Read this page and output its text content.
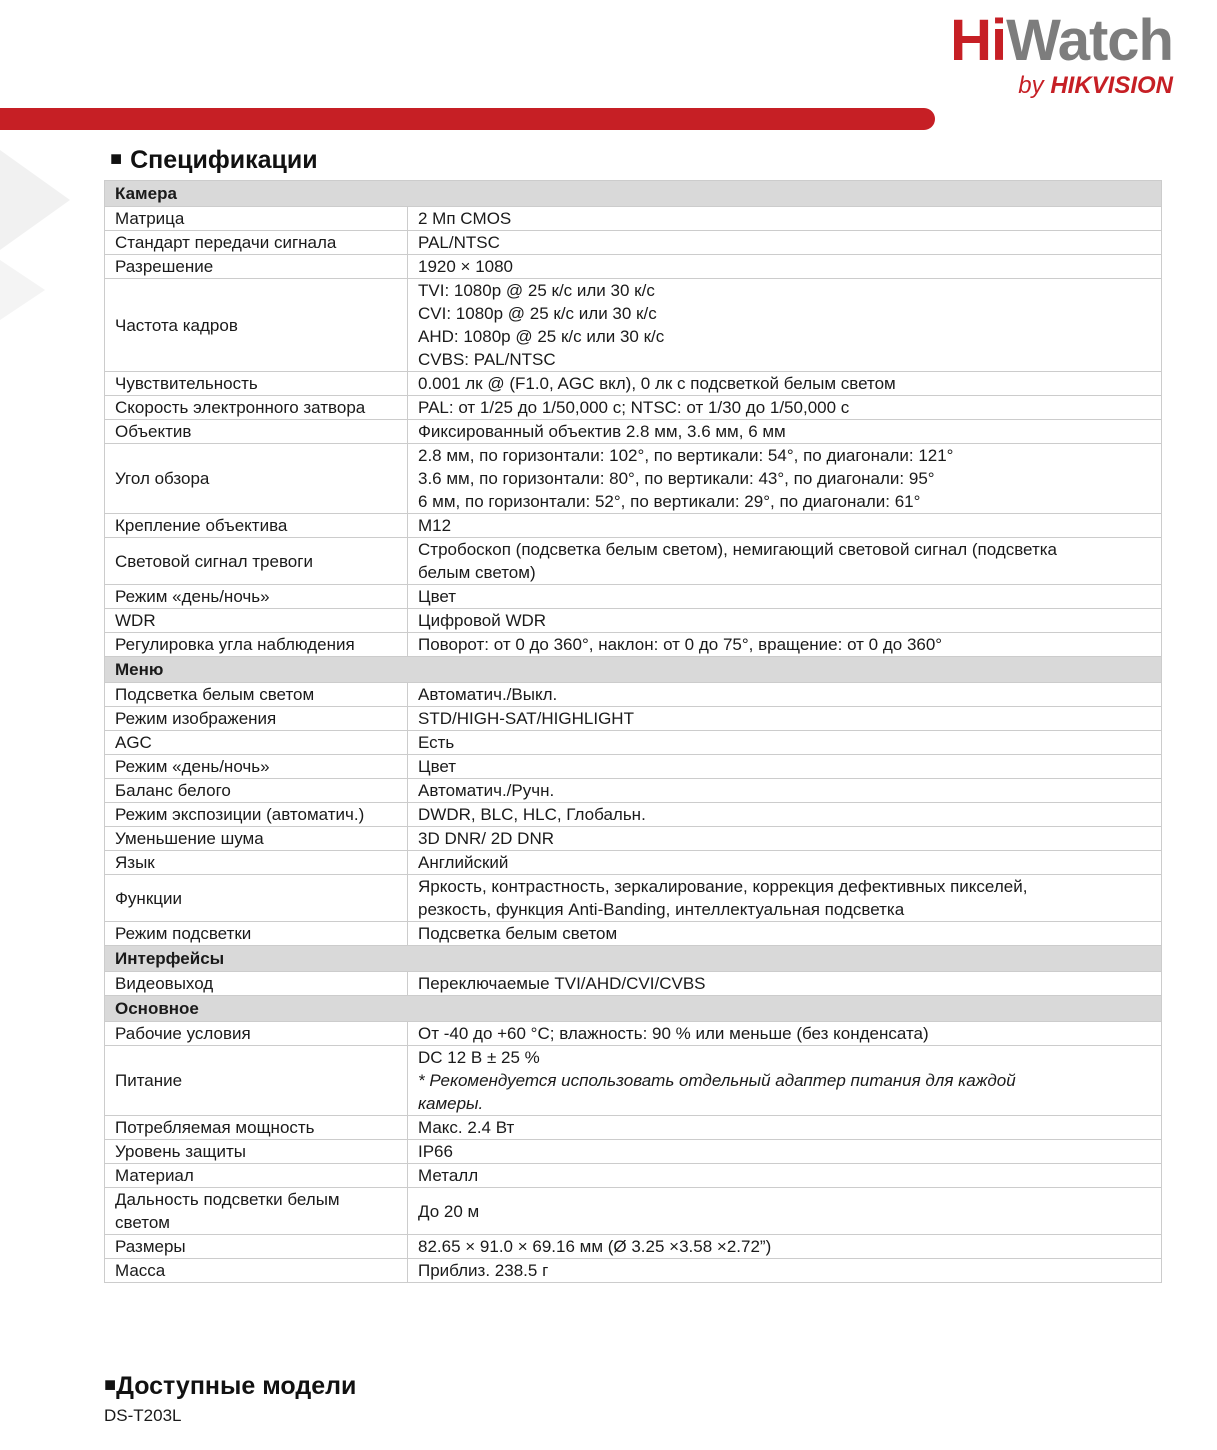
HiWatch
by HIKVISION
■ Спецификации
Камера	
Матрица	2 Мп CMOS

Стандарт передачи сигнала	PAL/NTSC

Разрешение	1920 × 1080

Частота кадров	TVI: 1080p @ 25 к/с или 30 к/с
CVI: 1080p @ 25 к/с или 30 к/с
AHD: 1080p @ 25 к/с или 30 к/с
CVBS: PAL/NTSC

Чувствительность	0.001 лк @ (F1.0, AGC вкл), 0 лк с подсветкой белым светом

Скорость электронного затвора	PAL: от 1/25 до 1/50,000 с; NTSC: от 1/30 до 1/50,000 с

Объектив	Фиксированный объектив 2.8 мм, 3.6 мм, 6 мм

Угол обзора	2.8 мм, по горизонтали: 102°, по вертикали: 54°, по диагонали: 121°
3.6 мм, по горизонтали: 80°, по вертикали: 43°, по диагонали: 95°
6 мм, по горизонтали: 52°, по вертикали: 29°, по диагонали: 61°

Крепление объектива	M12

Световой сигнал тревоги	Стробоскоп (подсветка белым светом), немигающий световой сигнал (подсветка
белым светом)

Режим «день/ночь»	Цвет

WDR	Цифровой WDR

Регулировка угла наблюдения	Поворот: от 0 до 360°, наклон: от 0 до 75°, вращение: от 0 до 360°

Меню	
Подсветка белым светом	Автоматич./Выкл.

Режим изображения	STD/HIGH-SAT/HIGHLIGHT

AGC	Есть

Режим «день/ночь»	Цвет

Баланс белого	Автоматич./Ручн.

Режим экспозиции (автоматич.)	DWDR, BLC, HLC, Глобальн.

Уменьшение шума	3D DNR/ 2D DNR

Язык	Английский

Функции	Яркость, контрастность, зеркалирование, коррекция дефективных пикселей,
резкость, функция Anti-Banding, интеллектуальная подсветка

Режим подсветки	Подсветка белым светом

Интерфейсы	
Видеовыход	Переключаемые TVI/AHD/CVI/CVBS

Основное	
Рабочие условия	От -40 до +60 °C; влажность: 90 % или меньше (без конденсата)

Питание	DC 12 В ± 25 %
* Рекомендуется использовать отдельный адаптер питания для каждой
камеры.

Потребляемая мощность	Макс. 2.4 Вт

Уровень защиты	IP66

Материал	Металл

Дальность подсветки белым светом	До 20 м

Размеры	82.65 × 91.0 × 69.16 мм (Ø 3.25 ×3.58 ×2.72”)

Масса	Приблиз. 238.5 г
■Доступные модели
DS-T203L
